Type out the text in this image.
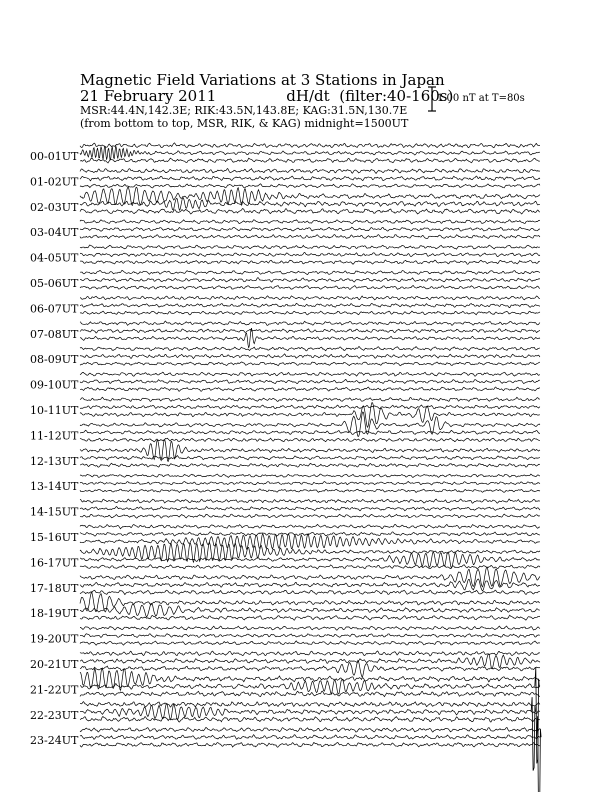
Magnetic Field Variations at 3 Stations in Japan
21 February 2011	dH/dt (filter:40-160s)
MSR:44.4N,142.3E; RIK:43.5N,143.8E; KAG:31.5N,130.7E
(from bottom to top, MSR, RIK, & KAG) midnight=1500UT
1.00 nT at T=80s
00-01UT
01-02UT
02-03UT
03-04UT
04-05UT
05-06UT
06-07UT
07-08UT
08-09UT
09-10UT
10-11UT
11-12UT
12-13UT
13-14UT
14-15UT
15-16UT
16-17UT
17-18UT
18-19UT
19-20UT
20-21UT
21-22UT
22-23UT
23-24UT
